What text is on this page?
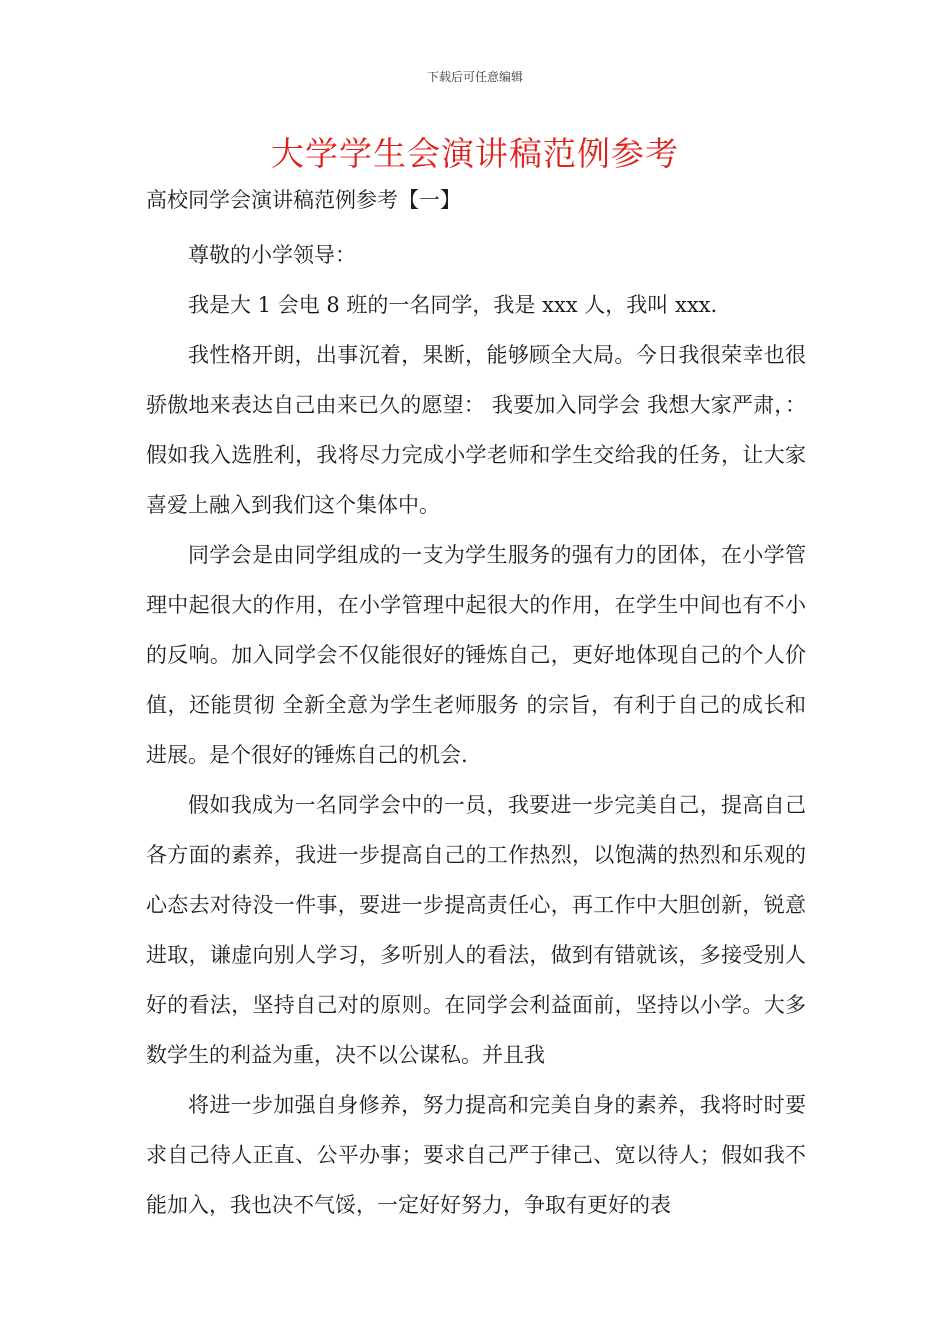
下载后可任意编辑
大学学生会演讲稿范例参考
高校同学会演讲稿范例参考【一】

尊敬的小学领导：

我是大 1 会电 8 班的一名同学，我是 xxx 人，我叫 xxx.

我性格开朗，出事沉着，果断，能够顾全大局。今日我很荣幸也很骄傲地来表达自己由来已久的愿望： 我要加入同学会 我想大家严肃，： 假如我入选胜利，我将尽力完成小学老师和学生交给我的任务，让大家喜爱上融入到我们这个集体中。

同学会是由同学组成的一支为学生服务的强有力的团体，在小学管理中起很大的作用，在小学管理中起很大的作用，在学生中间也有不小的反响。加入同学会不仅能很好的锤炼自己，更好地体现自己的个人价值，还能贯彻 全新全意为学生老师服务 的宗旨，有利于自己的成长和进展。是个很好的锤炼自己的机会.

假如我成为一名同学会中的一员，我要进一步完美自己，提高自己各方面的素养，我进一步提高自己的工作热烈，以饱满的热烈和乐观的心态去对待没一件事，要进一步提高责任心，再工作中大胆创新，锐意进取，谦虚向别人学习，多听别人的看法，做到有错就该，多接受别人好的看法，坚持自己对的原则。在同学会利益面前，坚持以小学。大多数学生的利益为重，决不以公谋私。并且我

将进一步加强自身修养，努力提高和完美自身的素养，我将时时要求自己待人正直、公平办事；要求自己严于律己、宽以待人；假如我不能加入，我也决不气馁，一定好好努力，争取有更好的表
